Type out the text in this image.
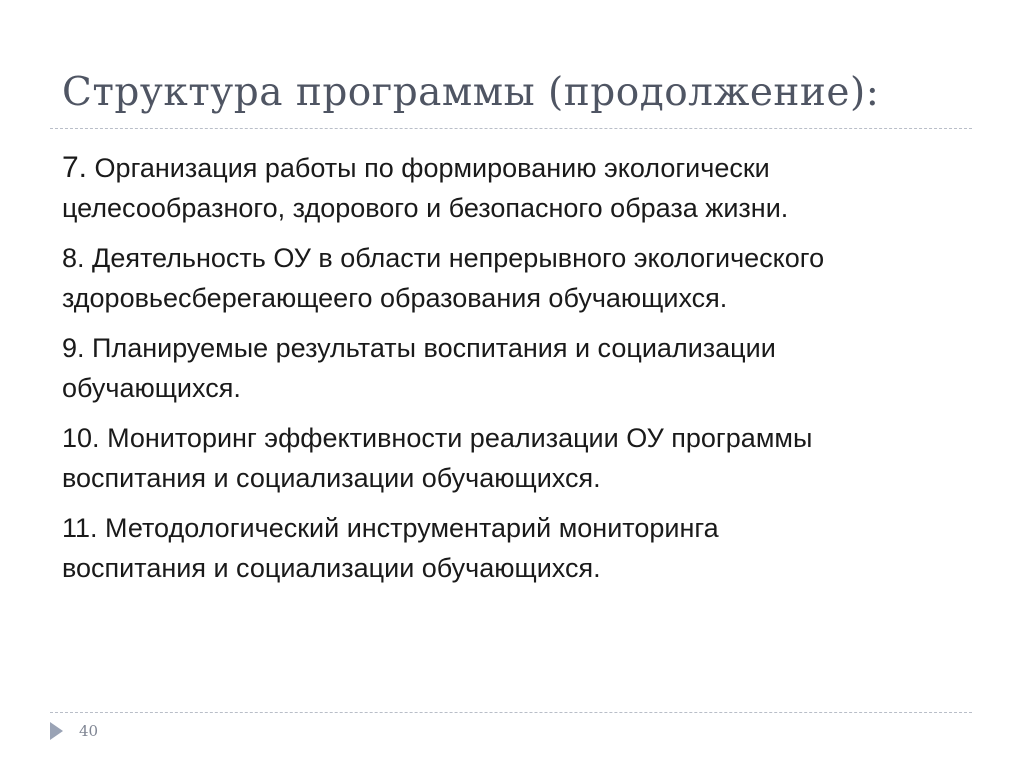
Структура программы (продолжение):
7. Организация работы по формированию экологически
целесообразного, здорового и безопасного образа жизни.
8. Деятельность ОУ в области непрерывного экологического
здоровьесберегающеего образования обучающихся.
9. Планируемые результаты воспитания и социализации
обучающихся.
10. Мониторинг эффективности реализации ОУ программы
воспитания и социализации обучающихся.
11. Методологический инструментарий мониторинга
воспитания и социализации обучающихся.
40
